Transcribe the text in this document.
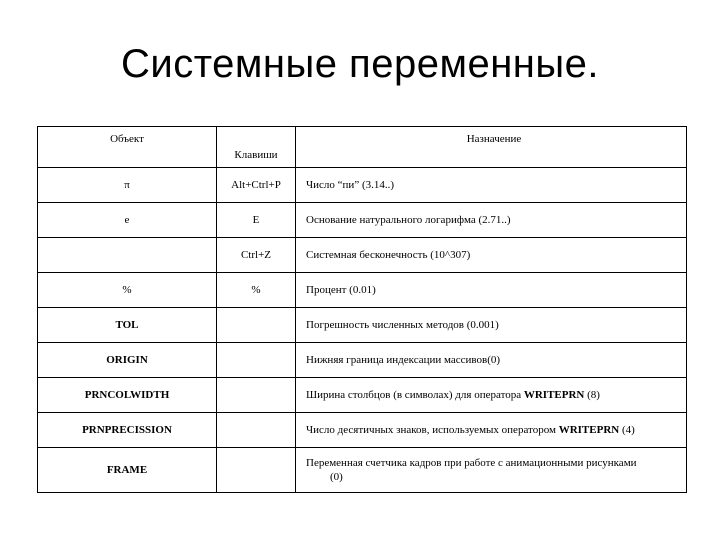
Системные переменные.
Объект	Клавиши	Назначение
π	Alt+Ctrl+P	Число “пи” (3.14..)
e	E	Основание натурального логарифма (2.71..)
	Ctrl+Z	Системная бесконечность (10^307)
%	%	Процент (0.01)
TOL		Погрешность численных методов (0.001)
ORIGIN		Нижняя граница индексации массивов(0)
PRNCOLWIDTH		Ширина столбцов (в символах) для оператора WRITEPRN (8)
PRNPRECISSION		Число десятичных знаков, используемых оператором WRITEPRN (4)
FRAME		Переменная счетчика кадров при работе с анимационными рисунками
(0)
